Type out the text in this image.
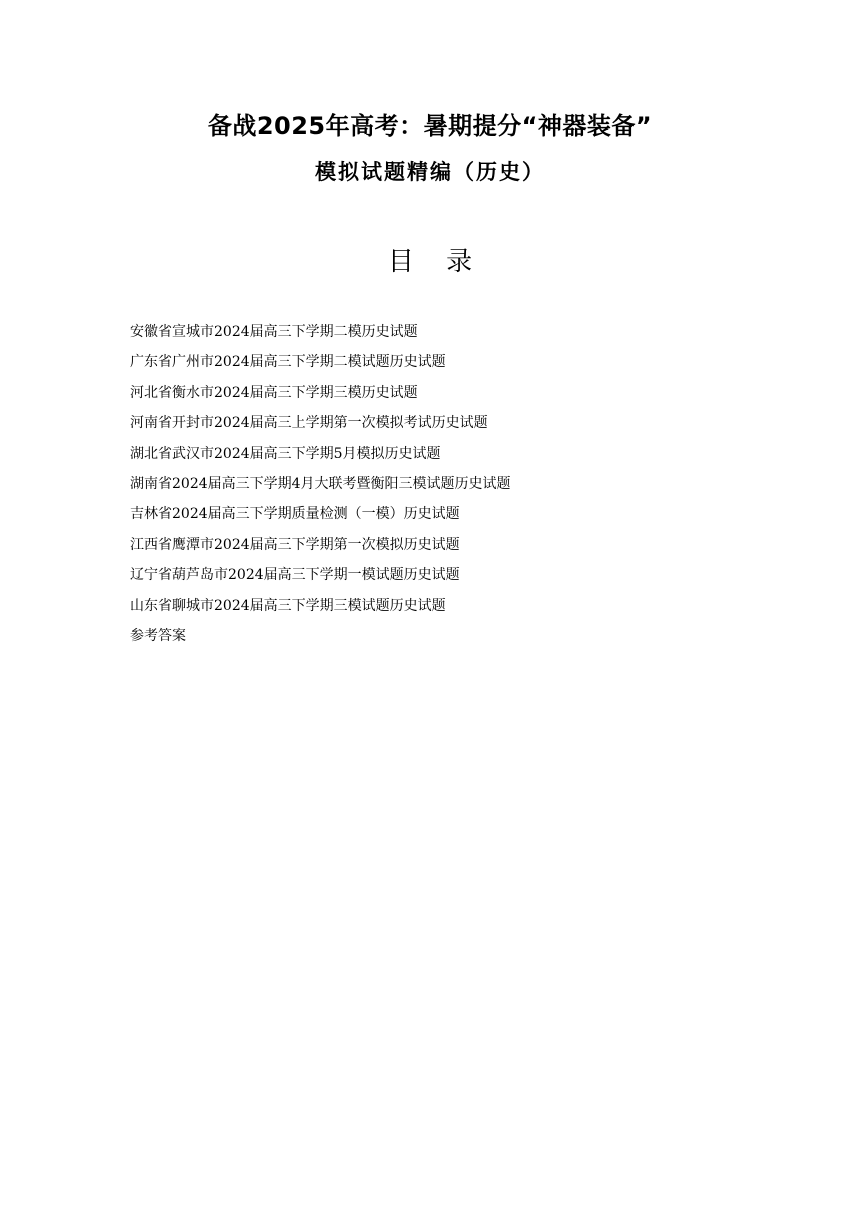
备战2025年高考：暑期提分“神器装备”
模拟试题精编（历史）
目 录
安徽省宣城市2024届高三下学期二模历史试题
广东省广州市2024届高三下学期二模试题历史试题
河北省衡水市2024届高三下学期三模历史试题
河南省开封市2024届高三上学期第一次模拟考试历史试题
湖北省武汉市2024届高三下学期5月模拟历史试题
湖南省2024届高三下学期4月大联考暨衡阳三模试题历史试题
吉林省2024届高三下学期质量检测（一模）历史试题
江西省鹰潭市2024届高三下学期第一次模拟历史试题
辽宁省葫芦岛市2024届高三下学期一模试题历史试题
山东省聊城市2024届高三下学期三模试题历史试题
参考答案
